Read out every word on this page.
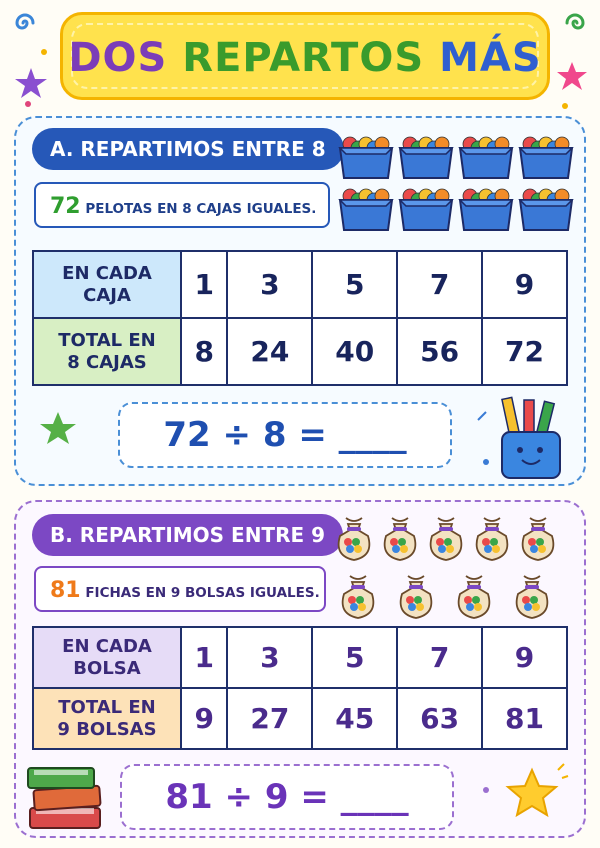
DOS REPARTOS MÁS
A. REPARTIMOS ENTRE 8
72 PELOTAS EN 8 CAJAS IGUALES.
EN CADA
CAJA	1	3	5	7	9
TOTAL EN
8 CAJAS	8	24	40	56	72
72 ÷ 8 = ____
B. REPARTIMOS ENTRE 9
81 FICHAS EN 9 BOLSAS IGUALES.
EN CADA
BOLSA	1	3	5	7	9
TOTAL EN
9 BOLSAS	9	27	45	63	81
81 ÷ 9 = ____
